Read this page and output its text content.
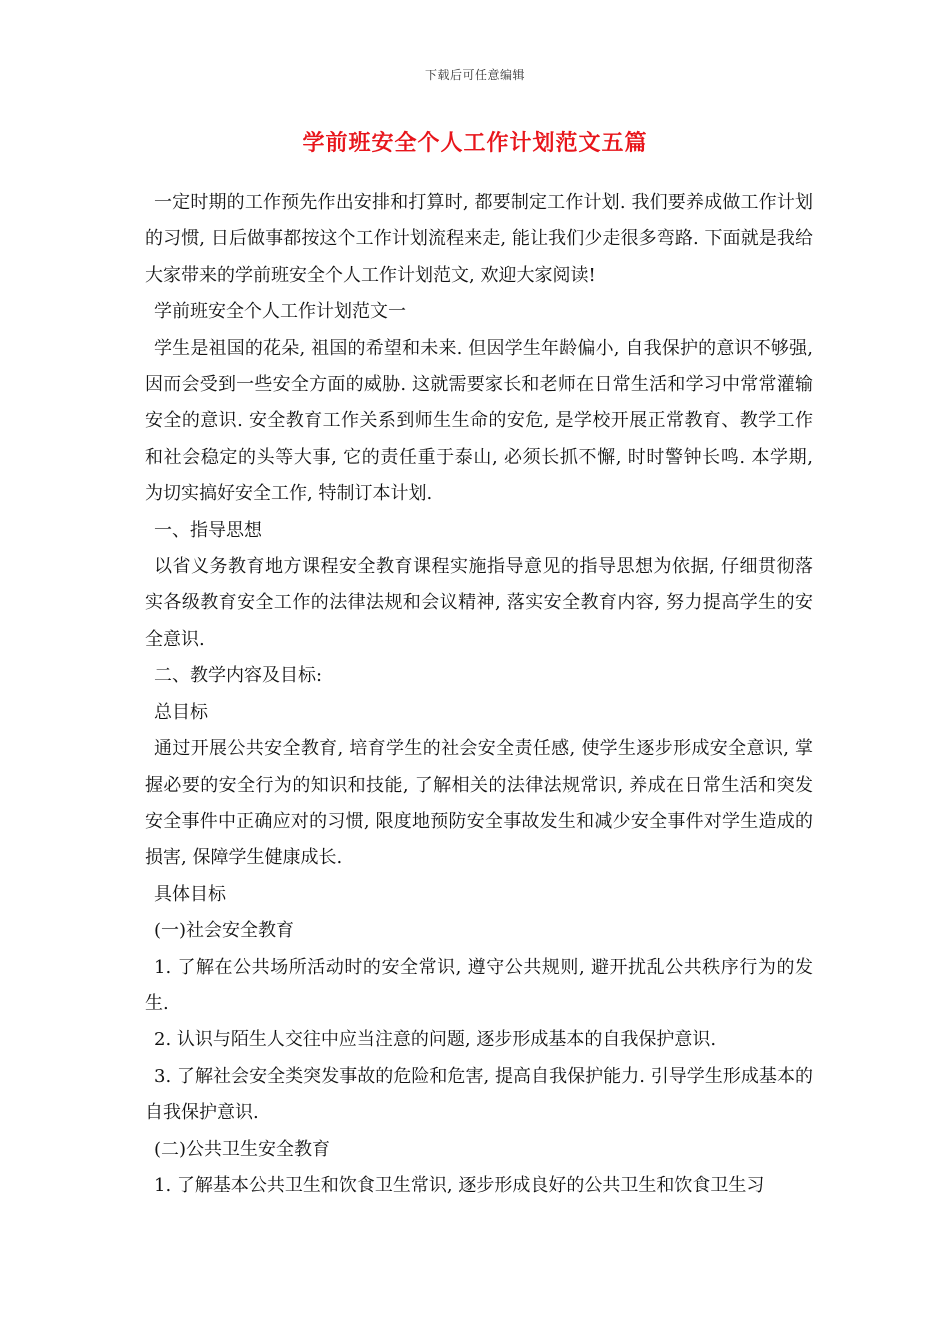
下载后可任意编辑
学前班安全个人工作计划范文五篇

一定时期的工作预先作出安排和打算时, 都要制定工作计划. 我们要养成做工作计划的习惯, 日后做事都按这个工作计划流程来走, 能让我们少走很多弯路. 下面就是我给大家带来的学前班安全个人工作计划范文, 欢迎大家阅读!

学前班安全个人工作计划范文一

学生是祖国的花朵, 祖国的希望和未来. 但因学生年龄偏小, 自我保护的意识不够强, 因而会受到一些安全方面的威胁. 这就需要家长和老师在日常生活和学习中常常灌输安全的意识. 安全教育工作关系到师生生命的安危, 是学校开展正常教育、教学工作和社会稳定的头等大事, 它的责任重于泰山, 必须长抓不懈, 时时警钟长鸣. 本学期, 为切实搞好安全工作, 特制订本计划.

一、指导思想

以省义务教育地方课程安全教育课程实施指导意见的指导思想为依据, 仔细贯彻落实各级教育安全工作的法律法规和会议精神, 落实安全教育内容, 努力提高学生的安全意识.

二、教学内容及目标:

总目标

通过开展公共安全教育, 培育学生的社会安全责任感, 使学生逐步形成安全意识, 掌握必要的安全行为的知识和技能, 了解相关的法律法规常识, 养成在日常生活和突发安全事件中正确应对的习惯, 限度地预防安全事故发生和减少安全事件对学生造成的损害, 保障学生健康成长.

具体目标

(一)社会安全教育

1. 了解在公共场所活动时的安全常识, 遵守公共规则, 避开扰乱公共秩序行为的发生.

2. 认识与陌生人交往中应当注意的问题, 逐步形成基本的自我保护意识.

3. 了解社会安全类突发事故的危险和危害, 提高自我保护能力. 引导学生形成基本的自我保护意识.

(二)公共卫生安全教育

1. 了解基本公共卫生和饮食卫生常识, 逐步形成良好的公共卫生和饮食卫生习
